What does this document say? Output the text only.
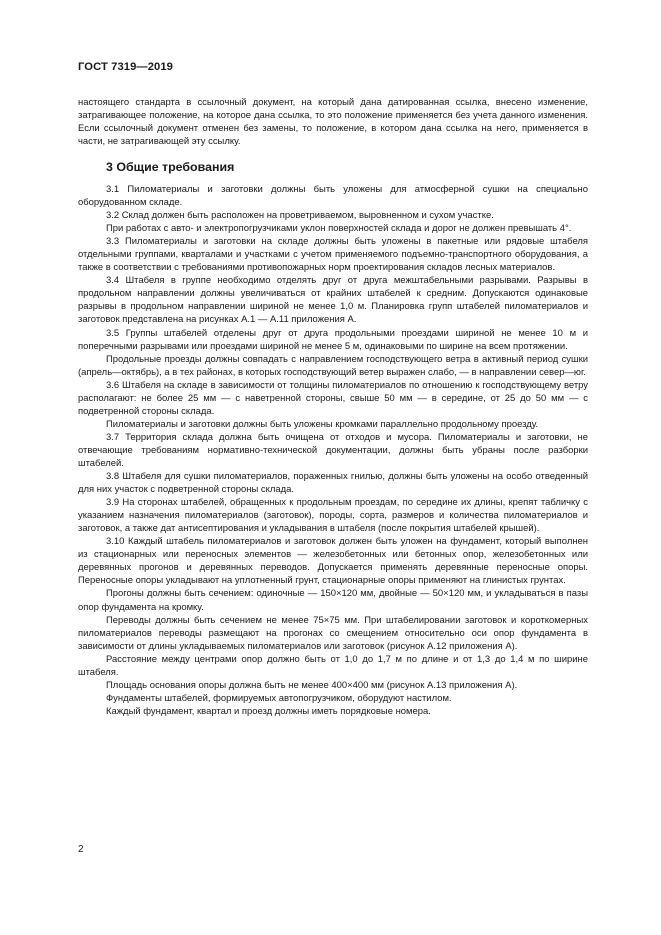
ГОСТ 7319—2019

настоящего стандарта в ссылочный документ, на который дана датированная ссылка, внесено изменение, затрагивающее положение, на которое дана ссылка, то это положение применяется без учета данного изменения. Если ссылочный документ отменен без замены, то положение, в котором дана ссылка на него, применяется в части, не затрагивающей эту ссылку.

3 Общие требования

3.1 Пиломатериалы и заготовки должны быть уложены для атмосферной сушки на специально оборудованном складе.

3.2 Склад должен быть расположен на проветриваемом, выровненном и сухом участке.

При работах с авто- и электропогрузчиками уклон поверхностей склада и дорог не должен превышать 4°.

3.3 Пиломатериалы и заготовки на складе должны быть уложены в пакетные или рядовые штабеля отдельными группами, кварталами и участками с учетом применяемого подъемно-транспортного оборудования, а также в соответствии с требованиями противопожарных норм проектирования складов лесных материалов.

3.4 Штабеля в группе необходимо отделять друг от друга межштабельными разрывами. Разрывы в продольном направлении должны увеличиваться от крайних штабелей к средним. Допускаются одинаковые разрывы в продольном направлении шириной не менее 1,0 м. Планировка групп штабелей пиломатериалов и заготовок представлена на рисунках А.1 — А.11 приложения А.

3.5 Группы штабелей отделены друг от друга продольными проездами шириной не менее 10 м и поперечными разрывами или проездами шириной не менее 5 м, одинаковыми по ширине на всем протяжении.

Продольные проезды должны совпадать с направлением господствующего ветра в активный период сушки (апрель—октябрь), а в тех районах, в которых господствующий ветер выражен слабо, — в направлении север—юг.

3.6 Штабеля на складе в зависимости от толщины пиломатериалов по отношению к господствующему ветру располагают: не более 25 мм — с наветренной стороны, свыше 50 мм — в середине, от 25 до 50 мм — с подветренной стороны склада.

Пиломатериалы и заготовки должны быть уложены кромками параллельно продольному проезду.

3.7 Территория склада должна быть очищена от отходов и мусора. Пиломатериалы и заготовки, не отвечающие требованиям нормативно-технической документации, должны быть убраны после разборки штабелей.

3.8 Штабеля для сушки пиломатериалов, пораженных гнилью, должны быть уложены на особо отведенный для них участок с подветренной стороны склада.

3.9 На сторонах штабелей, обращенных к продольным проездам, по середине их длины, крепят табличку с указанием назначения пиломатериалов (заготовок), породы, сорта, размеров и количества пиломатериалов и заготовок, а также дат антисептирования и укладывания в штабеля (после покрытия штабелей крышей).

3.10 Каждый штабель пиломатериалов и заготовок должен быть уложен на фундамент, который выполнен из стационарных или переносных элементов — железобетонных или бетонных опор, железобетонных или деревянных прогонов и деревянных переводов. Допускается применять деревянные переносные опоры. Переносные опоры укладывают на уплотненный грунт, стационарные опоры применяют на глинистых грунтах.

Прогоны должны быть сечением: одиночные — 150×120 мм, двойные — 50×120 мм, и укладываться в пазы опор фундамента на кромку.

Переводы должны быть сечением не менее 75×75 мм. При штабелировании заготовок и короткомерных пиломатериалов переводы размещают на прогонах со смещением относительно оси опор фундамента в зависимости от длины укладываемых пиломатериалов или заготовок (рисунок А.12 приложения А).

Расстояние между центрами опор должно быть от 1,0 до 1,7 м по длине и от 1,3 до 1,4 м по ширине штабеля.

Площадь основания опоры должна быть не менее 400×400 мм (рисунок А.13 приложения А).

Фундаменты штабелей, формируемых автопогрузчиком, оборудуют настилом.

Каждый фундамент, квартал и проезд должны иметь порядковые номера.

2
